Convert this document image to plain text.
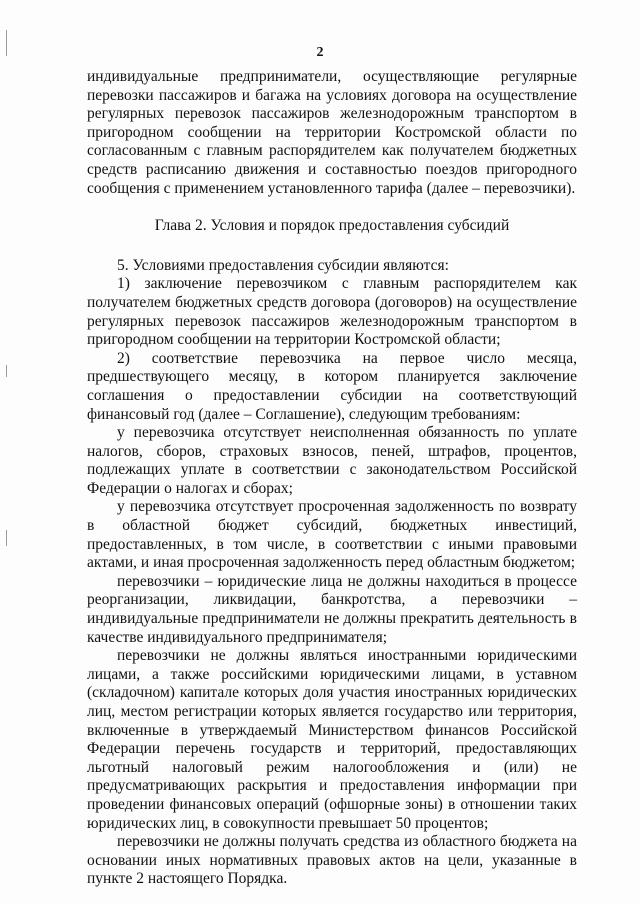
2

индивидуальные предприниматели, осуществляющие регулярные перевозки пассажиров и багажа на условиях договора на осуществление регулярных перевозок пассажиров железнодорожным транспортом в пригородном сообщении на территории Костромской области по согласованным с главным распорядителем как получателем бюджетных средств расписанию движения и составностью поездов пригородного сообщения с применением установленного тарифа (далее – перевозчики).

Глава 2. Условия и порядок предоставления субсидий

5. Условиями предоставления субсидии являются:

1) заключение перевозчиком с главным распорядителем как получателем бюджетных средств договора (договоров) на осуществление регулярных перевозок пассажиров железнодорожным транспортом в пригородном сообщении на территории Костромской области;

2) соответствие перевозчика на первое число месяца, предшествующего месяцу, в котором планируется заключение соглашения о предоставлении субсидии на соответствующий финансовый год (далее – Соглашение), следующим требованиям:

у перевозчика отсутствует неисполненная обязанность по уплате налогов, сборов, страховых взносов, пеней, штрафов, процентов, подлежащих уплате в соответствии с законодательством Российской Федерации о налогах и сборах;

у перевозчика отсутствует просроченная задолженность по возврату в областной бюджет субсидий, бюджетных инвестиций, предоставленных, в том числе, в соответствии с иными правовыми актами, и иная просроченная задолженность перед областным бюджетом;

перевозчики – юридические лица не должны находиться в процессе реорганизации, ликвидации, банкротства, а перевозчики – индивидуальные предприниматели не должны прекратить деятельность в качестве индивидуального предпринимателя;

перевозчики не должны являться иностранными юридическими лицами, а также российскими юридическими лицами, в уставном (складочном) капитале которых доля участия иностранных юридических лиц, местом регистрации которых является государство или территория, включенные в утверждаемый Министерством финансов Российской Федерации перечень государств и территорий, предоставляющих льготный налоговый режим налогообложения и (или) не предусматривающих раскрытия и предоставления информации при проведении финансовых операций (офшорные зоны) в отношении таких юридических лиц, в совокупности превышает 50 процентов;

перевозчики не должны получать средства из областного бюджета на основании иных нормативных правовых актов на цели, указанные в пункте 2 настоящего Порядка.
